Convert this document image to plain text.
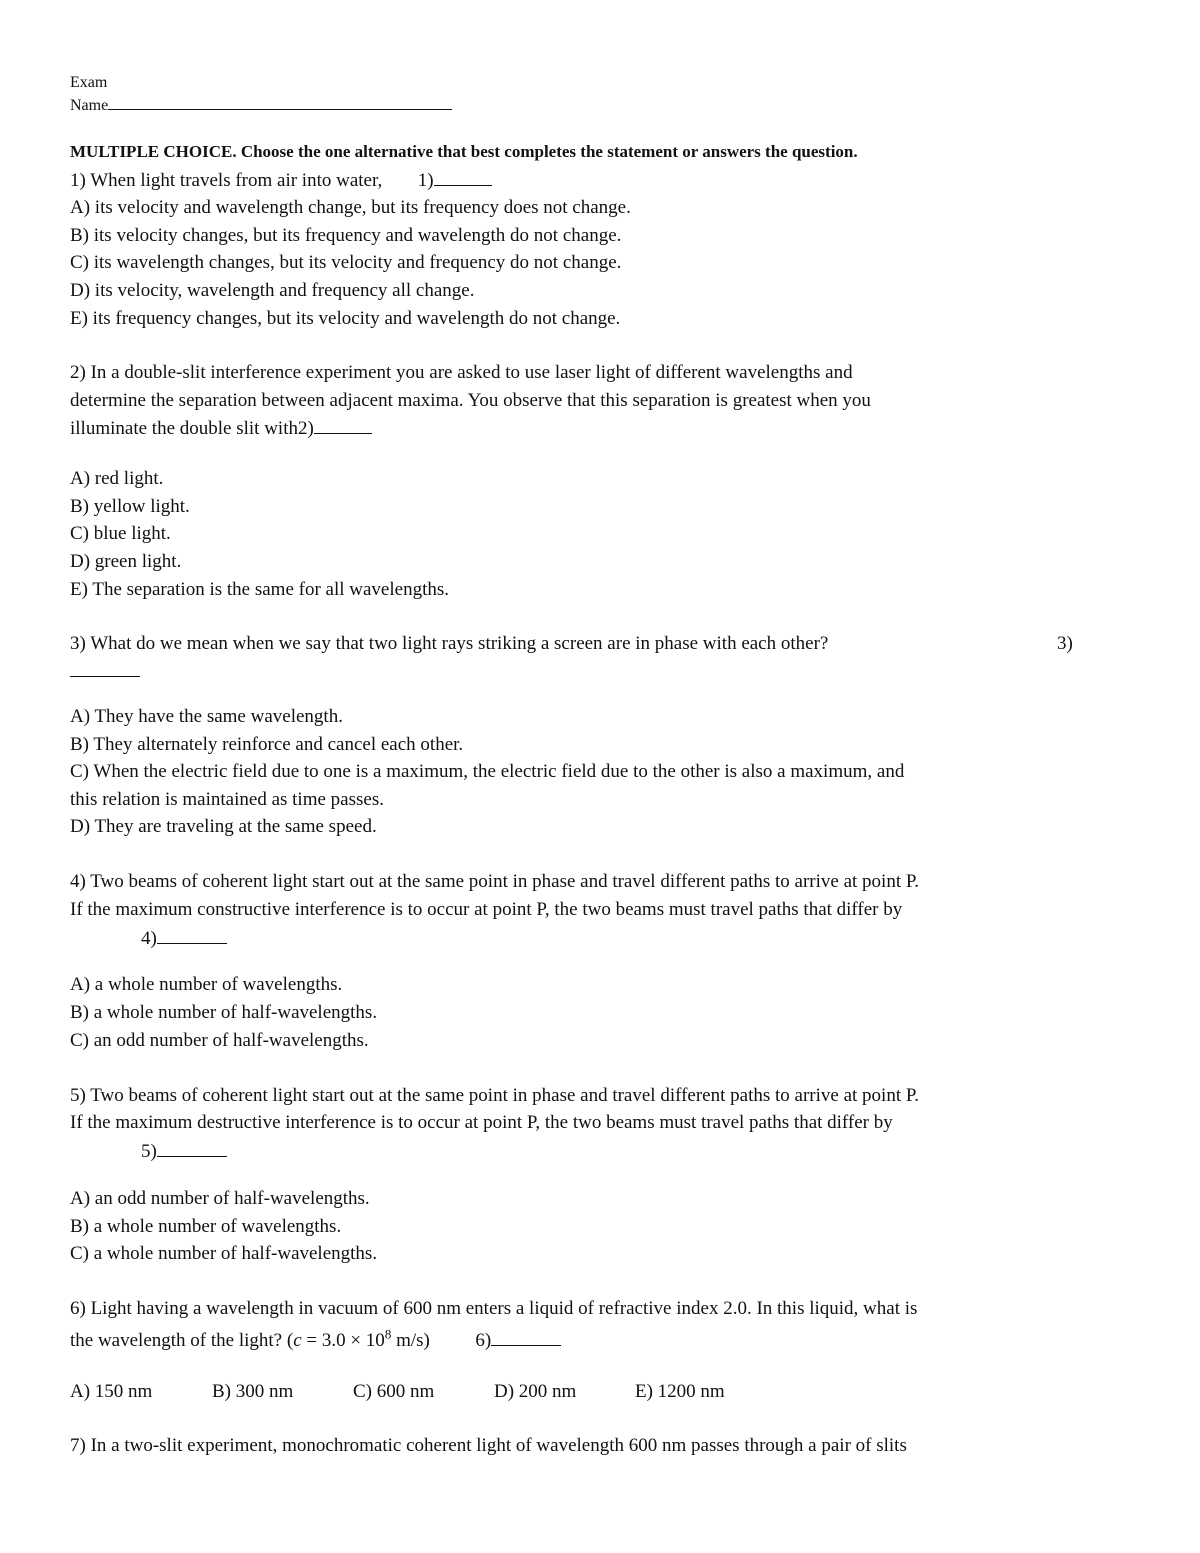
Exam
Name
MULTIPLE CHOICE. Choose the one alternative that best completes the statement or answers the question.
1) When light travels from air into water, 1)
A) its velocity and wavelength change, but its frequency does not change.
B) its velocity changes, but its frequency and wavelength do not change.
C) its wavelength changes, but its velocity and frequency do not change.
D) its velocity, wavelength and frequency all change.
E) its frequency changes, but its velocity and wavelength do not change.
2) In a double-slit interference experiment you are asked to use laser light of different wavelengths and
determine the separation between adjacent maxima. You observe that this separation is greatest when you
illuminate the double slit with2)
A) red light.
B) yellow light.
C) blue light.
D) green light.
E) The separation is the same for all wavelengths.
3) What do we mean when we say that two light rays striking a screen are in phase with each other?	3)
A) They have the same wavelength.
B) They alternately reinforce and cancel each other.
C) When the electric field due to one is a maximum, the electric field due to the other is also a maximum, and
this relation is maintained as time passes.
D) They are traveling at the same speed.
4) Two beams of coherent light start out at the same point in phase and travel different paths to arrive at point P.
If the maximum constructive interference is to occur at point P, the two beams must travel paths that differ by
4)
A) a whole number of wavelengths.
B) a whole number of half-wavelengths.
C) an odd number of half-wavelengths.
5) Two beams of coherent light start out at the same point in phase and travel different paths to arrive at point P.
If the maximum destructive interference is to occur at point P, the two beams must travel paths that differ by
5)
A) an odd number of half-wavelengths.
B) a whole number of wavelengths.
C) a whole number of half-wavelengths.
6) Light having a wavelength in vacuum of 600 nm enters a liquid of refractive index 2.0. In this liquid, what is
the wavelength of the light? ($c = 3.0 \times 10^8$ m/s) 6)
A) 150 nm	B) 300 nm	C) 600 nm	D) 200 nm	E) 1200 nm
7) In a two-slit experiment, monochromatic coherent light of wavelength 600 nm passes through a pair of slits
